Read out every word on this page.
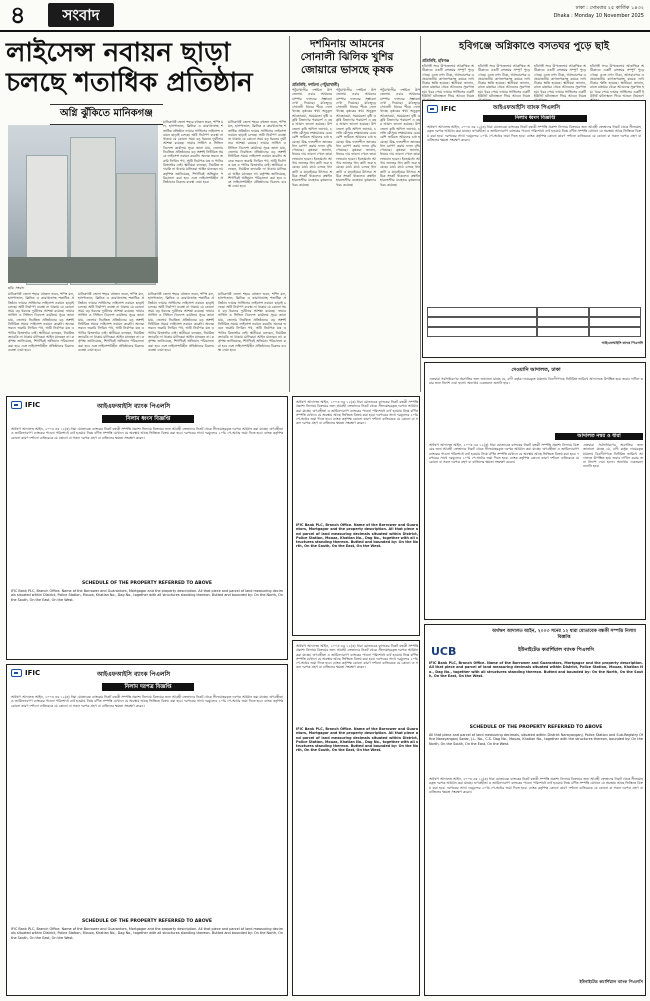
৪	সংবাদ	ঢাকা : সোমবার ২৫ কার্তিক ১৪৩২
Dhaka : Monday 10 November 2025
লাইসেন্স নবায়ন ছাড়া
চলছে শতাধিক প্রতিষ্ঠান
অগ্নি ঝুঁকিতে মানিকগঞ্জ
ছবি: সংবাদ
মানিকগঞ্জ জেলা শহরে বহুতল ভবন, শপিং মল, হাসপাতাল, ক্লিনিক ও কারখানাসহ শতাধিক প্রতিষ্ঠান ফায়ার সার্ভিসের লাইসেন্স নবায়ন ছাড়াই চলছে। অগ্নি নির্বাপণ ব্যবস্থা না থাকায় যে কোনো সময় বড় ধরনের দুর্ঘটনার আশঙ্কা রয়েছে। ফায়ার সার্ভিস ও সিভিল ডিফেন্স কার্যালয় সূত্রে জানা যায়, জেলায় নিবন্ধিত প্রতিষ্ঠানের বড় অংশই নির্ধারিত সময়ে লাইসেন্স নবায়ন করেনি। অনেক ভবনে জরুরি নির্গমন পথ, অগ্নি নির্বাপক যন্ত্র ও পানির রিজার্ভার নেই। স্থানীয়রা বলছেন, নিয়মিত তদারকি না থাকায় মালিকরা আইন মানছেন না। কর্তৃপক্ষ জানিয়েছে, শিগগিরই অভিযান পরিচালনা করা হবে এবং লাইসেন্সবিহীন প্রতিষ্ঠানের বিরুদ্ধে ব্যবস্থা নেয়া হবে।
মানিকগঞ্জ জেলা শহরে বহুতল ভবন, শপিং মল, হাসপাতাল, ক্লিনিক ও কারখানাসহ শতাধিক প্রতিষ্ঠান ফায়ার সার্ভিসের লাইসেন্স নবায়ন ছাড়াই চলছে। অগ্নি নির্বাপণ ব্যবস্থা না থাকায় যে কোনো সময় বড় ধরনের দুর্ঘটনার আশঙ্কা রয়েছে। ফায়ার সার্ভিস ও সিভিল ডিফেন্স কার্যালয় সূত্রে জানা যায়, জেলায় নিবন্ধিত প্রতিষ্ঠানের বড় অংশই নির্ধারিত সময়ে লাইসেন্স নবায়ন করেনি। অনেক ভবনে জরুরি নির্গমন পথ, অগ্নি নির্বাপক যন্ত্র ও পানির রিজার্ভার নেই। স্থানীয়রা বলছেন, নিয়মিত তদারকি না থাকায় মালিকরা আইন মানছেন না। কর্তৃপক্ষ জানিয়েছে, শিগগিরই অভিযান পরিচালনা করা হবে এবং লাইসেন্সবিহীন প্রতিষ্ঠানের বিরুদ্ধে ব্যবস্থা নেয়া হবে।
মানিকগঞ্জ জেলা শহরে বহুতল ভবন, শপিং মল, হাসপাতাল, ক্লিনিক ও কারখানাসহ শতাধিক প্রতিষ্ঠান ফায়ার সার্ভিসের লাইসেন্স নবায়ন ছাড়াই চলছে। অগ্নি নির্বাপণ ব্যবস্থা না থাকায় যে কোনো সময় বড় ধরনের দুর্ঘটনার আশঙ্কা রয়েছে। ফায়ার সার্ভিস ও সিভিল ডিফেন্স কার্যালয় সূত্রে জানা যায়, জেলায় নিবন্ধিত প্রতিষ্ঠানের বড় অংশই নির্ধারিত সময়ে লাইসেন্স নবায়ন করেনি। অনেক ভবনে জরুরি নির্গমন পথ, অগ্নি নির্বাপক যন্ত্র ও পানির রিজার্ভার নেই। স্থানীয়রা বলছেন, নিয়মিত তদারকি না থাকায় মালিকরা আইন মানছেন না। কর্তৃপক্ষ জানিয়েছে, শিগগিরই অভিযান পরিচালনা করা হবে এবং লাইসেন্সবিহীন প্রতিষ্ঠানের বিরুদ্ধে ব্যবস্থা নেয়া হবে।
মানিকগঞ্জ জেলা শহরে বহুতল ভবন, শপিং মল, হাসপাতাল, ক্লিনিক ও কারখানাসহ শতাধিক প্রতিষ্ঠান ফায়ার সার্ভিসের লাইসেন্স নবায়ন ছাড়াই চলছে। অগ্নি নির্বাপণ ব্যবস্থা না থাকায় যে কোনো সময় বড় ধরনের দুর্ঘটনার আশঙ্কা রয়েছে। ফায়ার সার্ভিস ও সিভিল ডিফেন্স কার্যালয় সূত্রে জানা যায়, জেলায় নিবন্ধিত প্রতিষ্ঠানের বড় অংশই নির্ধারিত সময়ে লাইসেন্স নবায়ন করেনি। অনেক ভবনে জরুরি নির্গমন পথ, অগ্নি নির্বাপক যন্ত্র ও পানির রিজার্ভার নেই। স্থানীয়রা বলছেন, নিয়মিত তদারকি না থাকায় মালিকরা আইন মানছেন না। কর্তৃপক্ষ জানিয়েছে, শিগগিরই অভিযান পরিচালনা করা হবে এবং লাইসেন্সবিহীন প্রতিষ্ঠানের বিরুদ্ধে ব্যবস্থা নেয়া হবে।
মানিকগঞ্জ জেলা শহরে বহুতল ভবন, শপিং মল, হাসপাতাল, ক্লিনিক ও কারখানাসহ শতাধিক প্রতিষ্ঠান ফায়ার সার্ভিসের লাইসেন্স নবায়ন ছাড়াই চলছে। অগ্নি নির্বাপণ ব্যবস্থা না থাকায় যে কোনো সময় বড় ধরনের দুর্ঘটনার আশঙ্কা রয়েছে। ফায়ার সার্ভিস ও সিভিল ডিফেন্স কার্যালয় সূত্রে জানা যায়, জেলায় নিবন্ধিত প্রতিষ্ঠানের বড় অংশই নির্ধারিত সময়ে লাইসেন্স নবায়ন করেনি। অনেক ভবনে জরুরি নির্গমন পথ, অগ্নি নির্বাপক যন্ত্র ও পানির রিজার্ভার নেই। স্থানীয়রা বলছেন, নিয়মিত তদারকি না থাকায় মালিকরা আইন মানছেন না। কর্তৃপক্ষ জানিয়েছে, শিগগিরই অভিযান পরিচালনা করা হবে এবং লাইসেন্সবিহীন প্রতিষ্ঠানের বিরুদ্ধে ব্যবস্থা নেয়া হবে।
মানিকগঞ্জ জেলা শহরে বহুতল ভবন, শপিং মল, হাসপাতাল, ক্লিনিক ও কারখানাসহ শতাধিক প্রতিষ্ঠান ফায়ার সার্ভিসের লাইসেন্স নবায়ন ছাড়াই চলছে। অগ্নি নির্বাপণ ব্যবস্থা না থাকায় যে কোনো সময় বড় ধরনের দুর্ঘটনার আশঙ্কা রয়েছে। ফায়ার সার্ভিস ও সিভিল ডিফেন্স কার্যালয় সূত্রে জানা যায়, জেলায় নিবন্ধিত প্রতিষ্ঠানের বড় অংশই নির্ধারিত সময়ে লাইসেন্স নবায়ন করেনি। অনেক ভবনে জরুরি নির্গমন পথ, অগ্নি নির্বাপক যন্ত্র ও পানির রিজার্ভার নেই। স্থানীয়রা বলছেন, নিয়মিত তদারকি না থাকায় মালিকরা আইন মানছেন না। কর্তৃপক্ষ জানিয়েছে, শিগগিরই অভিযান পরিচালনা করা হবে এবং লাইসেন্সবিহীন প্রতিষ্ঠানের বিরুদ্ধে ব্যবস্থা নেয়া হবে।
দশমিনায় আমনের
সোনালী ঝিলিক খুশির
জোয়ারে ভাসছে কৃষক
প্রতিনিধি, দশমিনা (পটুয়াখালী)
পটুয়াখালীর দশমিনা উপজেলায় এবার আমনের বাম্পার ফলনের সম্ভাবনা দেখা দিয়েছে। মাঠজুড়ে সোনালী ধানের শীষে দোল খাচ্ছে কৃষকের স্বপ্ন। অনুকূল আবহাওয়া, সময়মতো বৃষ্টি ও কৃষি বিভাগের পরামর্শে এ বছর আবাদ ভালো হয়েছে। উপজেলা কৃষি অফিস জানায়, চলতি মৌসুমে লক্ষ্যমাত্রার চেয়ে বেশি জমিতে আমনের চাষ হয়েছে। উচ্চ ফলনশীল জাতের ধান রোপণ করায় ফলন বৃদ্ধি পেয়েছে। কৃষকরা জানান, ধানের দাম ভালো পেলে তারা লাভবান হবেন। ইতোমধ্যে আগাম জাতের ধান কাটা শুরু হয়েছে। মাঠে মাঠে চলছে ধান কাটা ও মাড়াইয়ের উৎসব। শ্রমিক সংকট থাকলেও কম্বাইন হারভেস্টার ব্যবহারে কৃষকদের খরচ কমেছে।
পটুয়াখালীর দশমিনা উপজেলায় এবার আমনের বাম্পার ফলনের সম্ভাবনা দেখা দিয়েছে। মাঠজুড়ে সোনালী ধানের শীষে দোল খাচ্ছে কৃষকের স্বপ্ন। অনুকূল আবহাওয়া, সময়মতো বৃষ্টি ও কৃষি বিভাগের পরামর্শে এ বছর আবাদ ভালো হয়েছে। উপজেলা কৃষি অফিস জানায়, চলতি মৌসুমে লক্ষ্যমাত্রার চেয়ে বেশি জমিতে আমনের চাষ হয়েছে। উচ্চ ফলনশীল জাতের ধান রোপণ করায় ফলন বৃদ্ধি পেয়েছে। কৃষকরা জানান, ধানের দাম ভালো পেলে তারা লাভবান হবেন। ইতোমধ্যে আগাম জাতের ধান কাটা শুরু হয়েছে। মাঠে মাঠে চলছে ধান কাটা ও মাড়াইয়ের উৎসব। শ্রমিক সংকট থাকলেও কম্বাইন হারভেস্টার ব্যবহারে কৃষকদের খরচ কমেছে।
পটুয়াখালীর দশমিনা উপজেলায় এবার আমনের বাম্পার ফলনের সম্ভাবনা দেখা দিয়েছে। মাঠজুড়ে সোনালী ধানের শীষে দোল খাচ্ছে কৃষকের স্বপ্ন। অনুকূল আবহাওয়া, সময়মতো বৃষ্টি ও কৃষি বিভাগের পরামর্শে এ বছর আবাদ ভালো হয়েছে। উপজেলা কৃষি অফিস জানায়, চলতি মৌসুমে লক্ষ্যমাত্রার চেয়ে বেশি জমিতে আমনের চাষ হয়েছে। উচ্চ ফলনশীল জাতের ধান রোপণ করায় ফলন বৃদ্ধি পেয়েছে। কৃষকরা জানান, ধানের দাম ভালো পেলে তারা লাভবান হবেন। ইতোমধ্যে আগাম জাতের ধান কাটা শুরু হয়েছে। মাঠে মাঠে চলছে ধান কাটা ও মাড়াইয়ের উৎসব। শ্রমিক সংকট থাকলেও কম্বাইন হারভেস্টার ব্যবহারে কৃষকদের খরচ কমেছে।
হবিগঞ্জে অগ্নিকাণ্ডে বসতঘর পুড়ে ছাই
প্রতিনিধি, হবিগঞ্জ
হবিগঞ্জ সদর উপজেলায় আকস্মিক অগ্নিকাণ্ডে একটি বসতঘর সম্পূর্ণ পুড়ে গেছে। এতে নগদ টাকা, আসবাবপত্র ও প্রয়োজনীয় কাগজপত্রসহ কয়েক লাখ টাকার ক্ষতি হয়েছে। স্থানীয়রা জানান, রাতে রান্নাঘর থেকে আগুনের সূত্রপাত হয়। খবর পেয়ে ফায়ার সার্ভিসের একটি ইউনিট ঘটনাস্থলে গিয়ে আগুন নিয়ন্ত্র
হবিগঞ্জ সদর উপজেলায় আকস্মিক অগ্নিকাণ্ডে একটি বসতঘর সম্পূর্ণ পুড়ে গেছে। এতে নগদ টাকা, আসবাবপত্র ও প্রয়োজনীয় কাগজপত্রসহ কয়েক লাখ টাকার ক্ষতি হয়েছে। স্থানীয়রা জানান, রাতে রান্নাঘর থেকে আগুনের সূত্রপাত হয়। খবর পেয়ে ফায়ার সার্ভিসের একটি ইউনিট ঘটনাস্থলে গিয়ে আগুন নিয়ন্ত্র
হবিগঞ্জ সদর উপজেলায় আকস্মিক অগ্নিকাণ্ডে একটি বসতঘর সম্পূর্ণ পুড়ে গেছে। এতে নগদ টাকা, আসবাবপত্র ও প্রয়োজনীয় কাগজপত্রসহ কয়েক লাখ টাকার ক্ষতি হয়েছে। স্থানীয়রা জানান, রাতে রান্নাঘর থেকে আগুনের সূত্রপাত হয়। খবর পেয়ে ফায়ার সার্ভিসের একটি ইউনিট ঘটনাস্থলে গিয়ে আগুন নিয়ন্ত্র
হবিগঞ্জ সদর উপজেলায় আকস্মিক অগ্নিকাণ্ডে একটি বসতঘর সম্পূর্ণ পুড়ে গেছে। এতে নগদ টাকা, আসবাবপত্র ও প্রয়োজনীয় কাগজপত্রসহ কয়েক লাখ টাকার ক্ষতি হয়েছে। স্থানীয়রা জানান, রাতে রান্নাঘর থেকে আগুনের সূত্রপাত হয়। খবর পেয়ে ফায়ার সার্ভিসের একটি ইউনিট ঘটনাস্থলে গিয়ে আগুন নিয়ন্ত্রণে
IFIC	আইএফআইসি ব্যাংক পিএলসি
নিলাম ধ্বংস বিজ্ঞপ্তি
অর্থঋণ আদালত আইন, ২০০৩ এর ১২(৩) ধারা মোতাবেক ব্যাংকের নিকট বন্ধকী সম্পত্তি প্রকাশ্য নিলামে বিক্রয়ের জন্য আগ্রহী ক্রেতাদের নিকট থেকে সীলমোহরকৃত দরপত্র আহ্বান করা যাচ্ছে। ঋণগ্রহীতা ও জামিনদারগণ ব্যাংকের পাওনা পরিশোধে ব্যর্থ হওয়ায় নিম্নে বর্ণিত সম্পত্তি যেখানে যে অবস্থায় আছে ভিত্তিতে বিক্রয় করা হবে। দরপত্রের সাথে দরমূল্যের ২০% পে-অর্ডার জমা দিতে হবে। ব্যাংক কর্তৃপক্ষ কোনো কারণ দর্শানো ব্যতিরেকে যে কোনো বা সকল দরপত্র গ্রহণ বা বাতিলের ক্ষমতা সংরক্ষণ করেন।
আইএফআইসি ব্যাংক পিএলসি
IFIC	আইএফআইসি ব্যাংক পিএলসি
নিলাম ধ্বংস বিজ্ঞপ্তি
অর্থঋণ আদালত আইন, ২০০৩ এর ১২(৩) ধারা মোতাবেক ব্যাংকের নিকট বন্ধকী সম্পত্তি প্রকাশ্য নিলামে বিক্রয়ের জন্য আগ্রহী ক্রেতাদের নিকট থেকে সীলমোহরকৃত দরপত্র আহ্বান করা যাচ্ছে। ঋণগ্রহীতা ও জামিনদারগণ ব্যাংকের পাওনা পরিশোধে ব্যর্থ হওয়ায় নিম্নে বর্ণিত সম্পত্তি যেখানে যে অবস্থায় আছে ভিত্তিতে বিক্রয় করা হবে। দরপত্রের সাথে দরমূল্যের ২০% পে-অর্ডার জমা দিতে হবে। ব্যাংক কর্তৃপক্ষ কোনো কারণ দর্শানো ব্যতিরেকে যে কোনো বা সকল দরপত্র গ্রহণ বা বাতিলের ক্ষমতা সংরক্ষণ করেন।
SCHEDULE OF THE PROPERTY REFERRED TO ABOVE
IFIC Bank PLC, Branch Office. Name of the Borrower and Guarantors, Mortgagor and the property description. All that piece and parcel of land measuring decimals situated within District, Police Station, Mouza, Khatian No., Dag No., together with all structures standing thereon. Butted and bounded by: On the North, On the South, On the East, On the West.
IFIC	আইএফআইসি ব্যাংক পিএলসি
নিলাম দরপত্র বিজ্ঞপ্তি
অর্থঋণ আদালত আইন, ২০০৩ এর ১২(৩) ধারা মোতাবেক ব্যাংকের নিকট বন্ধকী সম্পত্তি প্রকাশ্য নিলামে বিক্রয়ের জন্য আগ্রহী ক্রেতাদের নিকট থেকে সীলমোহরকৃত দরপত্র আহ্বান করা যাচ্ছে। ঋণগ্রহীতা ও জামিনদারগণ ব্যাংকের পাওনা পরিশোধে ব্যর্থ হওয়ায় নিম্নে বর্ণিত সম্পত্তি যেখানে যে অবস্থায় আছে ভিত্তিতে বিক্রয় করা হবে। দরপত্রের সাথে দরমূল্যের ২০% পে-অর্ডার জমা দিতে হবে। ব্যাংক কর্তৃপক্ষ কোনো কারণ দর্শানো ব্যতিরেকে যে কোনো বা সকল দরপত্র গ্রহণ বা বাতিলের ক্ষমতা সংরক্ষণ করেন।
SCHEDULE OF THE PROPERTY REFERRED TO ABOVE
IFIC Bank PLC, Branch Office. Name of the Borrower and Guarantors, Mortgagor and the property description. All that piece and parcel of land measuring decimals situated within District, Police Station, Mouza, Khatian No., Dag No., together with all structures standing thereon. Butted and bounded by: On the North, On the South, On the East, On the West.
অর্থঋণ আদালত আইন, ২০০৩ এর ১২(৩) ধারা মোতাবেক ব্যাংকের নিকট বন্ধকী সম্পত্তি প্রকাশ্য নিলামে বিক্রয়ের জন্য আগ্রহী ক্রেতাদের নিকট থেকে সীলমোহরকৃত দরপত্র আহ্বান করা যাচ্ছে। ঋণগ্রহীতা ও জামিনদারগণ ব্যাংকের পাওনা পরিশোধে ব্যর্থ হওয়ায় নিম্নে বর্ণিত সম্পত্তি যেখানে যে অবস্থায় আছে ভিত্তিতে বিক্রয় করা হবে। দরপত্রের সাথে দরমূল্যের ২০% পে-অর্ডার জমা দিতে হবে। ব্যাংক কর্তৃপক্ষ কোনো কারণ দর্শানো ব্যতিরেকে যে কোনো বা সকল দরপত্র গ্রহণ বা বাতিলের ক্ষমতা সংরক্ষণ করেন।
IFIC Bank PLC, Branch Office. Name of the Borrower and Guarantors, Mortgagor and the property description. All that piece and parcel of land measuring decimals situated within District, Police Station, Mouza, Khatian No., Dag No., together with all structures standing thereon. Butted and bounded by: On the North, On the South, On the East, On the West.
অর্থঋণ আদালত আইন, ২০০৩ এর ১২(৩) ধারা মোতাবেক ব্যাংকের নিকট বন্ধকী সম্পত্তি প্রকাশ্য নিলামে বিক্রয়ের জন্য আগ্রহী ক্রেতাদের নিকট থেকে সীলমোহরকৃত দরপত্র আহ্বান করা যাচ্ছে। ঋণগ্রহীতা ও জামিনদারগণ ব্যাংকের পাওনা পরিশোধে ব্যর্থ হওয়ায় নিম্নে বর্ণিত সম্পত্তি যেখানে যে অবস্থায় আছে ভিত্তিতে বিক্রয় করা হবে। দরপত্রের সাথে দরমূল্যের ২০% পে-অর্ডার জমা দিতে হবে। ব্যাংক কর্তৃপক্ষ কোনো কারণ দর্শানো ব্যতিরেকে যে কোনো বা সকল দরপত্র গ্রহণ বা বাতিলের ক্ষমতা সংরক্ষণ করেন।
IFIC Bank PLC, Branch Office. Name of the Borrower and Guarantors, Mortgagor and the property description. All that piece and parcel of land measuring decimals situated within District, Police Station, Mouza, Khatian No., Dag No., together with all structures standing thereon. Butted and bounded by: On the North, On the South, On the East, On the West.
দেওয়ানি আদালত, ঢাকা
এতদ্বারা সর্বসাধারণের অবগতির জন্য জানানো যাচ্ছে যে, বাদী কর্তৃক দায়েরকৃত মামলায় বিবাদীগণকে নির্ধারিত তারিখে আদালতে উপস্থিত হয়ে জবাব দাখিল করার জন্য নির্দেশ দেয়া হলো। অন্যথায় একতরফা শুনানি হবে।
আদালত নম্বর ও ধারা
অর্থঋণ আদালত আইন, ২০০৩ এর ১২(৩) ধারা মোতাবেক ব্যাংকের নিকট বন্ধকী সম্পত্তি প্রকাশ্য নিলামে বিক্রয়ের জন্য আগ্রহী ক্রেতাদের নিকট থেকে সীলমোহরকৃত দরপত্র আহ্বান করা যাচ্ছে। ঋণগ্রহীতা ও জামিনদারগণ ব্যাংকের পাওনা পরিশোধে ব্যর্থ হওয়ায় নিম্নে বর্ণিত সম্পত্তি যেখানে যে অবস্থায় আছে ভিত্তিতে বিক্রয় করা হবে। দরপত্রের সাথে দরমূল্যের ২০% পে-অর্ডার জমা দিতে হবে। ব্যাংক কর্তৃপক্ষ কোনো কারণ দর্শানো ব্যতিরেকে যে কোনো বা সকল দরপত্র গ্রহণ বা বাতিলের ক্ষমতা সংরক্ষণ করেন।
এতদ্বারা সর্বসাধারণের অবগতির জন্য জানানো যাচ্ছে যে, বাদী কর্তৃক দায়েরকৃত মামলায় বিবাদীগণকে নির্ধারিত তারিখে আদালতে উপস্থিত হয়ে জবাব দাখিল করার জন্য নির্দেশ দেয়া হলো। অন্যথায় একতরফা শুনানি হবে।
অর্থঋণ আদালত আইন, ২০০৩ সনের ১২ ধারা মোতাবেক বন্ধকী সম্পত্তি নিলাম বিজ্ঞপ্তি
UCB	ইউনাইটেড কমার্শিয়াল ব্যাংক পিএলসি
IFIC Bank PLC, Branch Office. Name of the Borrower and Guarantors, Mortgagor and the property description. All that piece and parcel of land measuring decimals situated within District, Police Station, Mouza, Khatian No., Dag No., together with all structures standing thereon. Butted and bounded by: On the North, On the South, On the East, On the West.
SCHEDULE OF THE PROPERTY REFERRED TO ABOVE
All that piece and parcel of land measuring decimals, situated within District Narayanganj, Police Station and Sub-Registry Office Narayanganj Sadar, J.L. No., C.S. Dag No., Mouza, Khatian No., together with the structures thereon, bounded by: On the North, On the South, On the East, On the West.
অর্থঋণ আদালত আইন, ২০০৩ এর ১২(৩) ধারা মোতাবেক ব্যাংকের নিকট বন্ধকী সম্পত্তি প্রকাশ্য নিলামে বিক্রয়ের জন্য আগ্রহী ক্রেতাদের নিকট থেকে সীলমোহরকৃত দরপত্র আহ্বান করা যাচ্ছে। ঋণগ্রহীতা ও জামিনদারগণ ব্যাংকের পাওনা পরিশোধে ব্যর্থ হওয়ায় নিম্নে বর্ণিত সম্পত্তি যেখানে যে অবস্থায় আছে ভিত্তিতে বিক্রয় করা হবে। দরপত্রের সাথে দরমূল্যের ২০% পে-অর্ডার জমা দিতে হবে। ব্যাংক কর্তৃপক্ষ কোনো কারণ দর্শানো ব্যতিরেকে যে কোনো বা সকল দরপত্র গ্রহণ বা বাতিলের ক্ষমতা সংরক্ষণ করেন।
ইউনাইটেড কমার্শিয়াল ব্যাংক পিএলসি
